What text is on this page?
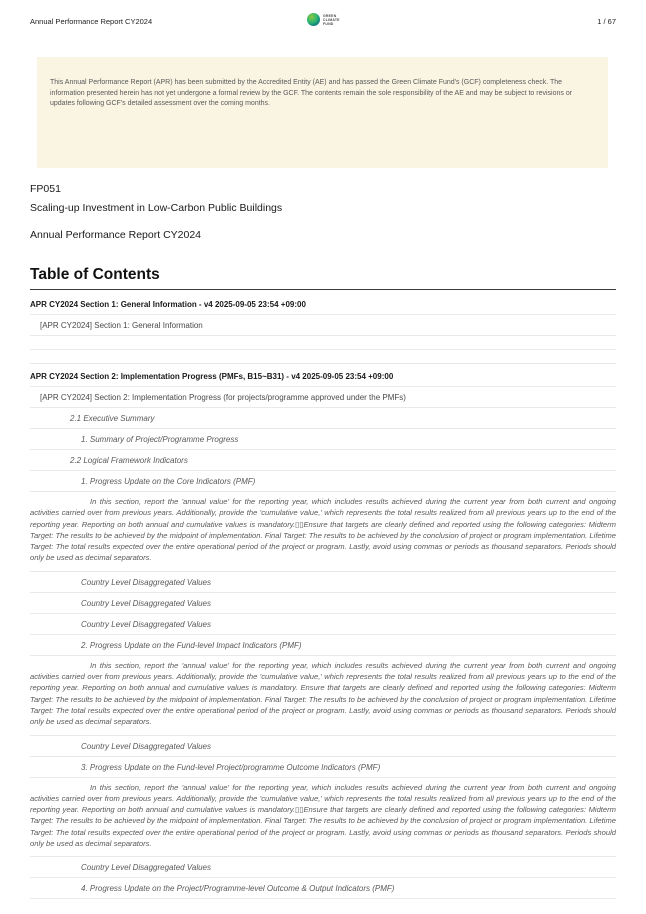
Annual Performance Report CY2024
GREEN CLIMATE FUND	1 / 67

This Annual Performance Report (APR) has been submitted by the Accredited Entity (AE) and has passed the Green Climate Fund's (GCF) completeness check. The information presented herein has not yet undergone a formal review by the GCF. The contents remain the sole responsibility of the AE and may be subject to revisions or updates following GCF's detailed assessment over the coming months.

FP051
Scaling-up Investment in Low-Carbon Public Buildings
Annual Performance Report CY2024
Table of Contents
APR CY2024 Section 1: General Information - v4 2025-09-05 23:54 +09:00
[APR CY2024] Section 1: General Information
APR CY2024 Section 2: Implementation Progress (PMFs, B15~B31) - v4 2025-09-05 23:54 +09:00
[APR CY2024] Section 2: Implementation Progress (for projects/programme approved under the PMFs)
2.1 Executive Summary
1. Summary of Project/Programme Progress
2.2 Logical Framework Indicators
1. Progress Update on the Core Indicators (PMF)
In this section, report the 'annual value' for the reporting year, which includes results achieved during the current year from both current and ongoing activities carried over from previous years. Additionally, provide the 'cumulative value,' which represents the total results realized from all previous years up to the end of the reporting year. Reporting on both annual and cumulative values is mandatory.▯▯Ensure that targets are clearly defined and reported using the following categories: Midterm Target: The results to be achieved by the midpoint of implementation. Final Target: The results to be achieved by the conclusion of project or program implementation. Lifetime Target: The total results expected over the entire operational period of the project or program. Lastly, avoid using commas or periods as thousand separators. Periods should only be used as decimal separators.
Country Level Disaggregated Values
Country Level Disaggregated Values
Country Level Disaggregated Values
2. Progress Update on the Fund-level Impact Indicators (PMF)
In this section, report the 'annual value' for the reporting year, which includes results achieved during the current year from both current and ongoing activities carried over from previous years. Additionally, provide the 'cumulative value,' which represents the total results realized from all previous years up to the end of the reporting year. Reporting on both annual and cumulative values is mandatory. Ensure that targets are clearly defined and reported using the following categories: Midterm Target: The results to be achieved by the midpoint of implementation. Final Target: The results to be achieved by the conclusion of project or program implementation. Lifetime Target: The total results expected over the entire operational period of the project or program. Lastly, avoid using commas or periods as thousand separators. Periods should only be used as decimal separators.
Country Level Disaggregated Values
3. Progress Update on the Fund-level Project/programme Outcome Indicators (PMF)
In this section, report the 'annual value' for the reporting year, which includes results achieved during the current year from both current and ongoing activities carried over from previous years. Additionally, provide the 'cumulative value,' which represents the total results realized from all previous years up to the end of the reporting year. Reporting on both annual and cumulative values is mandatory.▯▯Ensure that targets are clearly defined and reported using the following categories: Midterm Target: The results to be achieved by the midpoint of implementation. Final Target: The results to be achieved by the conclusion of project or program implementation. Lifetime Target: The total results expected over the entire operational period of the project or program. Lastly, avoid using commas or periods as thousand separators. Periods should only be used as decimal separators.
Country Level Disaggregated Values
4. Progress Update on the Project/Programme-level Outcome & Output Indicators (PMF)
